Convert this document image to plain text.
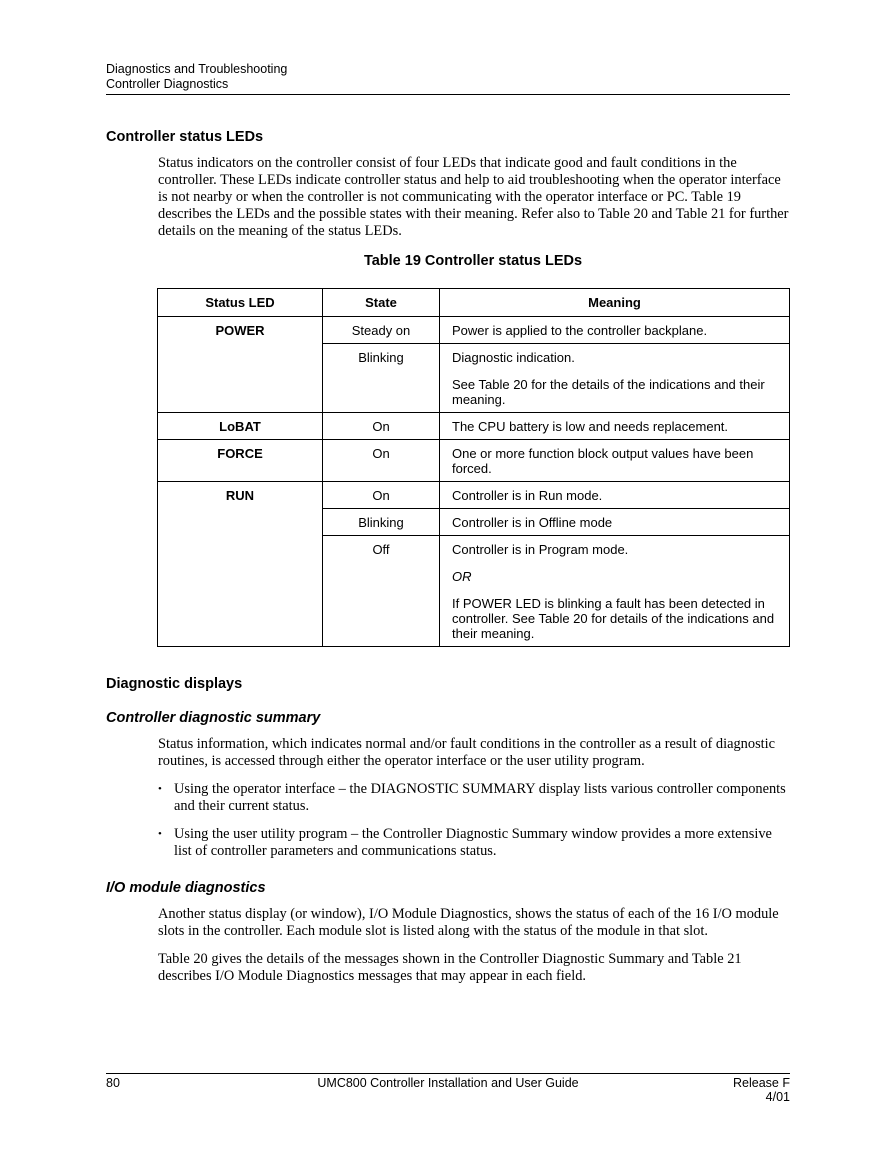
Diagnostics and Troubleshooting
Controller Diagnostics
Controller status LEDs

Status indicators on the controller consist of four LEDs that indicate good and fault conditions in the controller. These LEDs indicate controller status and help to aid troubleshooting when the operator interface is not nearby or when the controller is not communicating with the operator interface or PC. Table 19 describes the LEDs and the possible states with their meaning. Refer also to Table 20 and Table 21 for further details on the meaning of the status LEDs.

Table 19 Controller status LEDs
Status LED	State	Meaning
POWER	Steady on	Power is applied to the controller backplane.
	Blinking	Diagnostic indication.
See Table 20 for the details of the indications and their meaning.

LoBAT	On	The CPU battery is low and needs replacement.
FORCE	On	One or more function block output values have been forced.
RUN	On	Controller is in Run mode.
	Blinking	Controller is in Offline mode
	Off	Controller is in Program mode.
OR
If POWER LED is blinking a fault has been detected in controller. See Table 20 for details of the indications and their meaning.
Diagnostic displays
Controller diagnostic summary

Status information, which indicates normal and/or fault conditions in the controller as a result of diagnostic routines, is accessed through either the operator interface or the user utility program.

• Using the operator interface – the DIAGNOSTIC SUMMARY display lists various controller components and their current status.
• Using the user utility program – the Controller Diagnostic Summary window provides a more extensive list of controller parameters and communications status.
I/O module diagnostics

Another status display (or window), I/O Module Diagnostics, shows the status of each of the 16 I/O module slots in the controller. Each module slot is listed along with the status of the module in that slot.

Table 20 gives the details of the messages shown in the Controller Diagnostic Summary and Table 21 describes I/O Module Diagnostics messages that may appear in each field.

80	UMC800 Controller Installation and User Guide	Release F
4/01
